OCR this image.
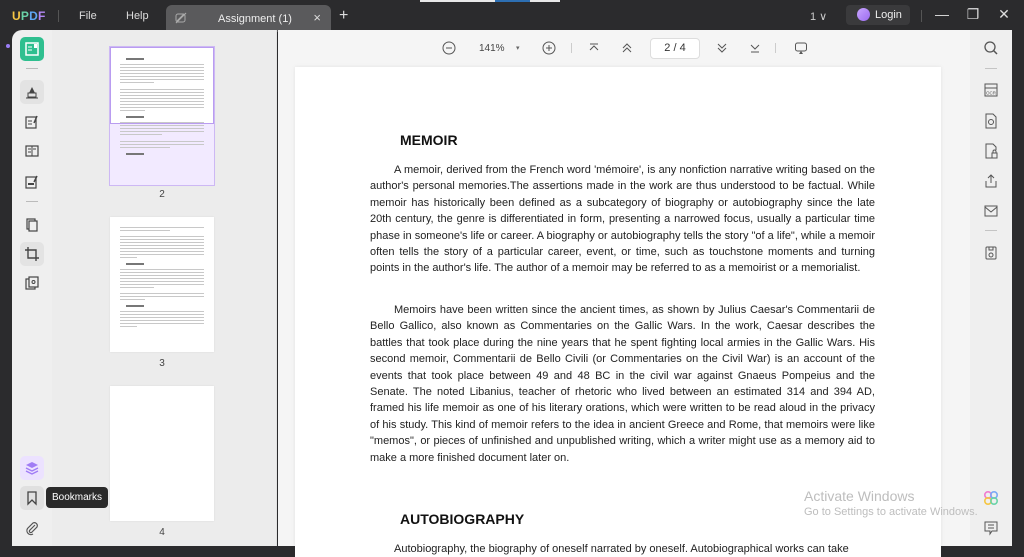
UPDF	File	Help	Assignment (1) × +	1 ∨	Login — ❐ ✕
2
3
4
Bookmarks
141% ▾	2 / 4
MEMOIR
A memoir, derived from the French word 'mémoire', is any nonfiction narrative writing based on the author's personal memories.The assertions made in the work are thus understood to be factual. While memoir has historically been defined as a subcategory of biography or autobiography since the late 20th century, the genre is differentiated in form, presenting a narrowed focus, usually a particular time phase in someone's life or career. A biography or autobiography tells the story "of a life", while a memoir often tells the story of a particular career, event, or time, such as touchstone moments and turning points in the author's life. The author of a memoir may be referred to as a memoirist or a memorialist.
Memoirs have been written since the ancient times, as shown by Julius Caesar's Commentarii de Bello Gallico, also known as Commentaries on the Gallic Wars. In the work, Caesar describes the battles that took place during the nine years that he spent fighting local armies in the Gallic Wars. His second memoir, Commentarii de Bello Civili (or Commentaries on the Civil War) is an account of the events that took place between 49 and 48 BC in the civil war against Gnaeus Pompeius and the Senate. The noted Libanius, teacher of rhetoric who lived between an estimated 314 and 394 AD, framed his life memoir as one of his literary orations, which were written to be read aloud in the privacy of his study. This kind of memoir refers to the idea in ancient Greece and Rome, that memoirs were like "memos", or pieces of unfinished and unpublished writing, which a writer might use as a memory aid to make a more finished document later on.
AUTOBIOGRAPHY
Autobiography, the biography of oneself narrated by oneself. Autobiographical works can take
OCR
Activate Windows
Go to Settings to activate Windows.
